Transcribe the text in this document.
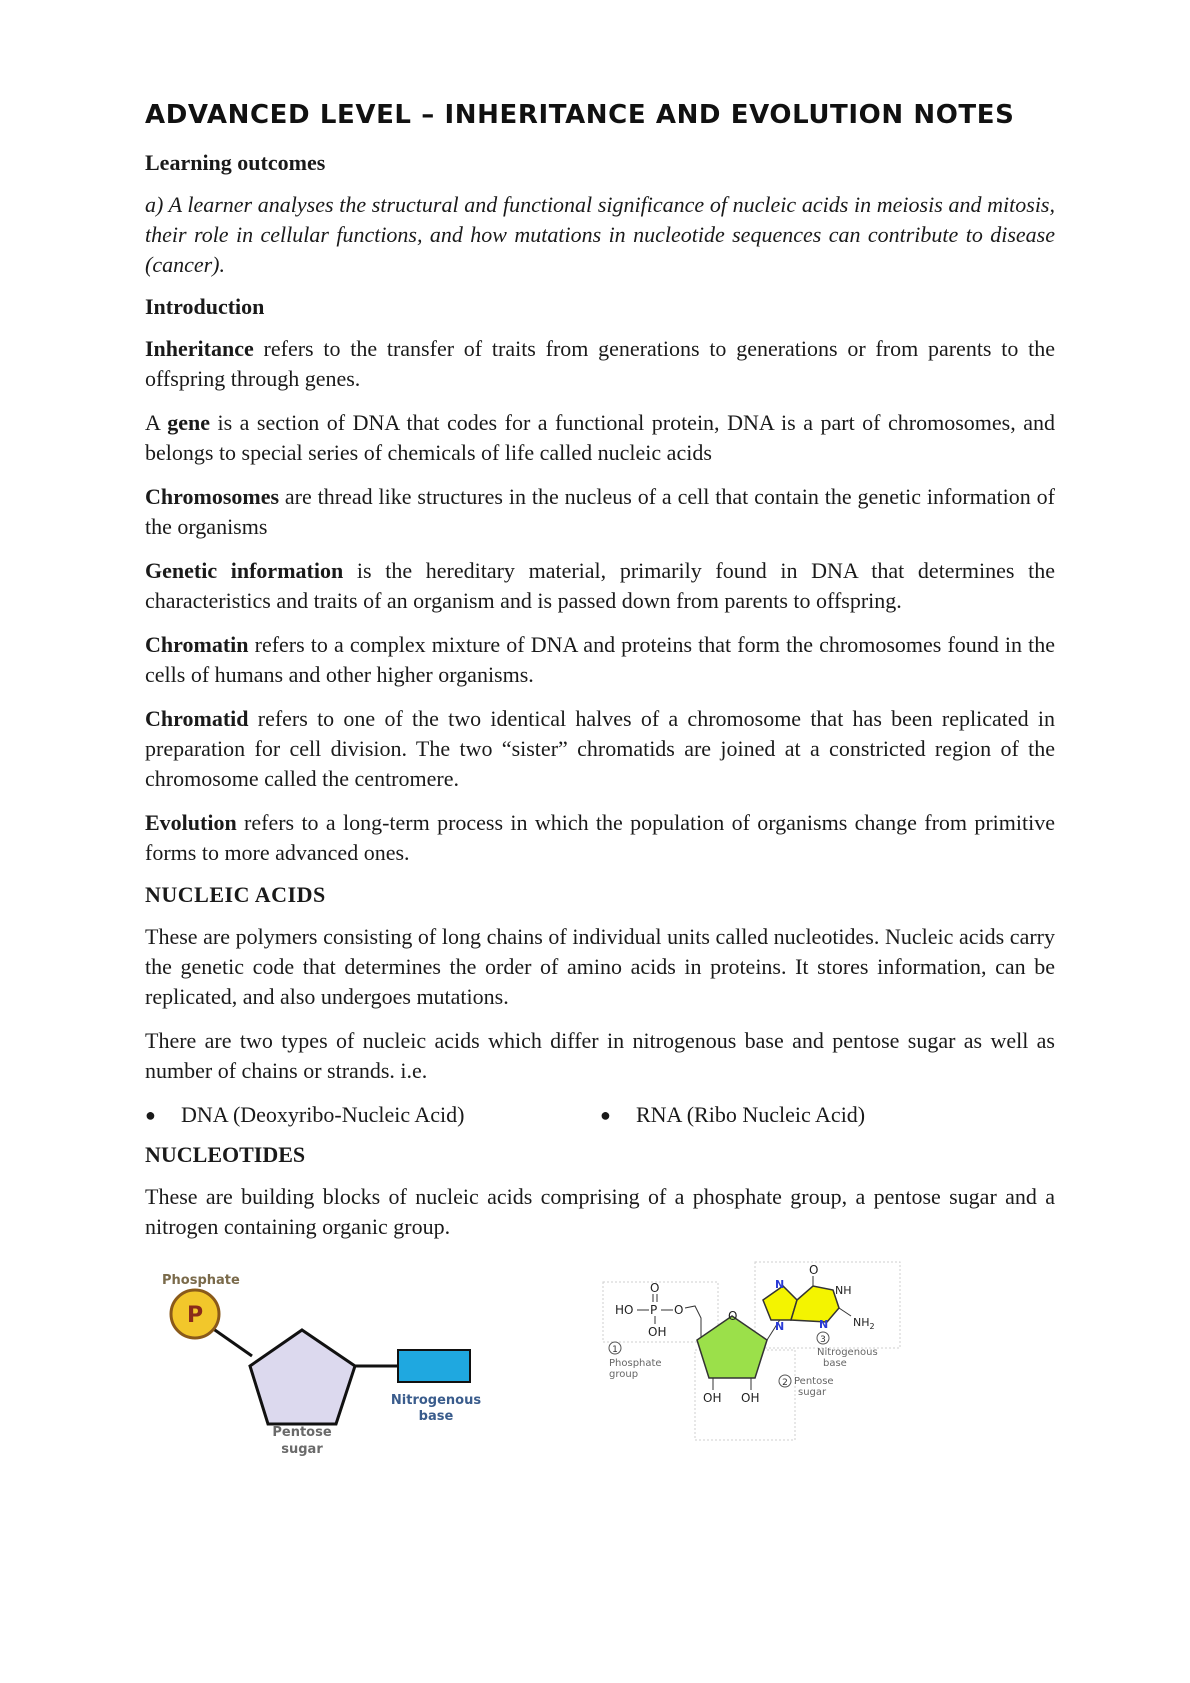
ADVANCED LEVEL – INHERITANCE AND EVOLUTION NOTES
Learning outcomes

a) A learner analyses the structural and functional significance of nucleic acids in meiosis and mitosis, their role in cellular functions, and how mutations in nucleotide sequences can contribute to disease (cancer).

Introduction

Inheritance refers to the transfer of traits from generations to generations or from parents to the offspring through genes.

A gene is a section of DNA that codes for a functional protein, DNA is a part of chromosomes, and belongs to special series of chemicals of life called nucleic acids

Chromosomes are thread like structures in the nucleus of a cell that contain the genetic information of the organisms

Genetic information is the hereditary material, primarily found in DNA that determines the characteristics and traits of an organism and is passed down from parents to offspring.

Chromatin refers to a complex mixture of DNA and proteins that form the chromosomes found in the cells of humans and other higher organisms.

Chromatid refers to one of the two identical halves of a chromosome that has been replicated in preparation for cell division. The two “sister” chromatids are joined at a constricted region of the chromosome called the centromere.

Evolution refers to a long-term process in which the population of organisms change from primitive forms to more advanced ones.

NUCLEIC ACIDS

These are polymers consisting of long chains of individual units called nucleotides. Nucleic acids carry the genetic code that determines the order of amino acids in proteins. It stores information, can be replicated, and also undergoes mutations.

There are two types of nucleic acids which differ in nitrogenous base and pentose sugar as well as number of chains or strands. i.e.

●	DNA (Deoxyribo-Nucleic Acid)	●	RNA (Ribo Nucleic Acid)
NUCLEOTIDES

These are building blocks of nucleic acids comprising of a phosphate group, a pentose sugar and a nitrogen containing organic group.

Phosphate
P
Nitrogenous
base
Pentose
sugar
HO P
O
O
OH
1
Phosphate
group
O
OH OH
2 Pentose
sugar
O
N
N	N
NH
$NH_2$
3
Nitrogenous
base
